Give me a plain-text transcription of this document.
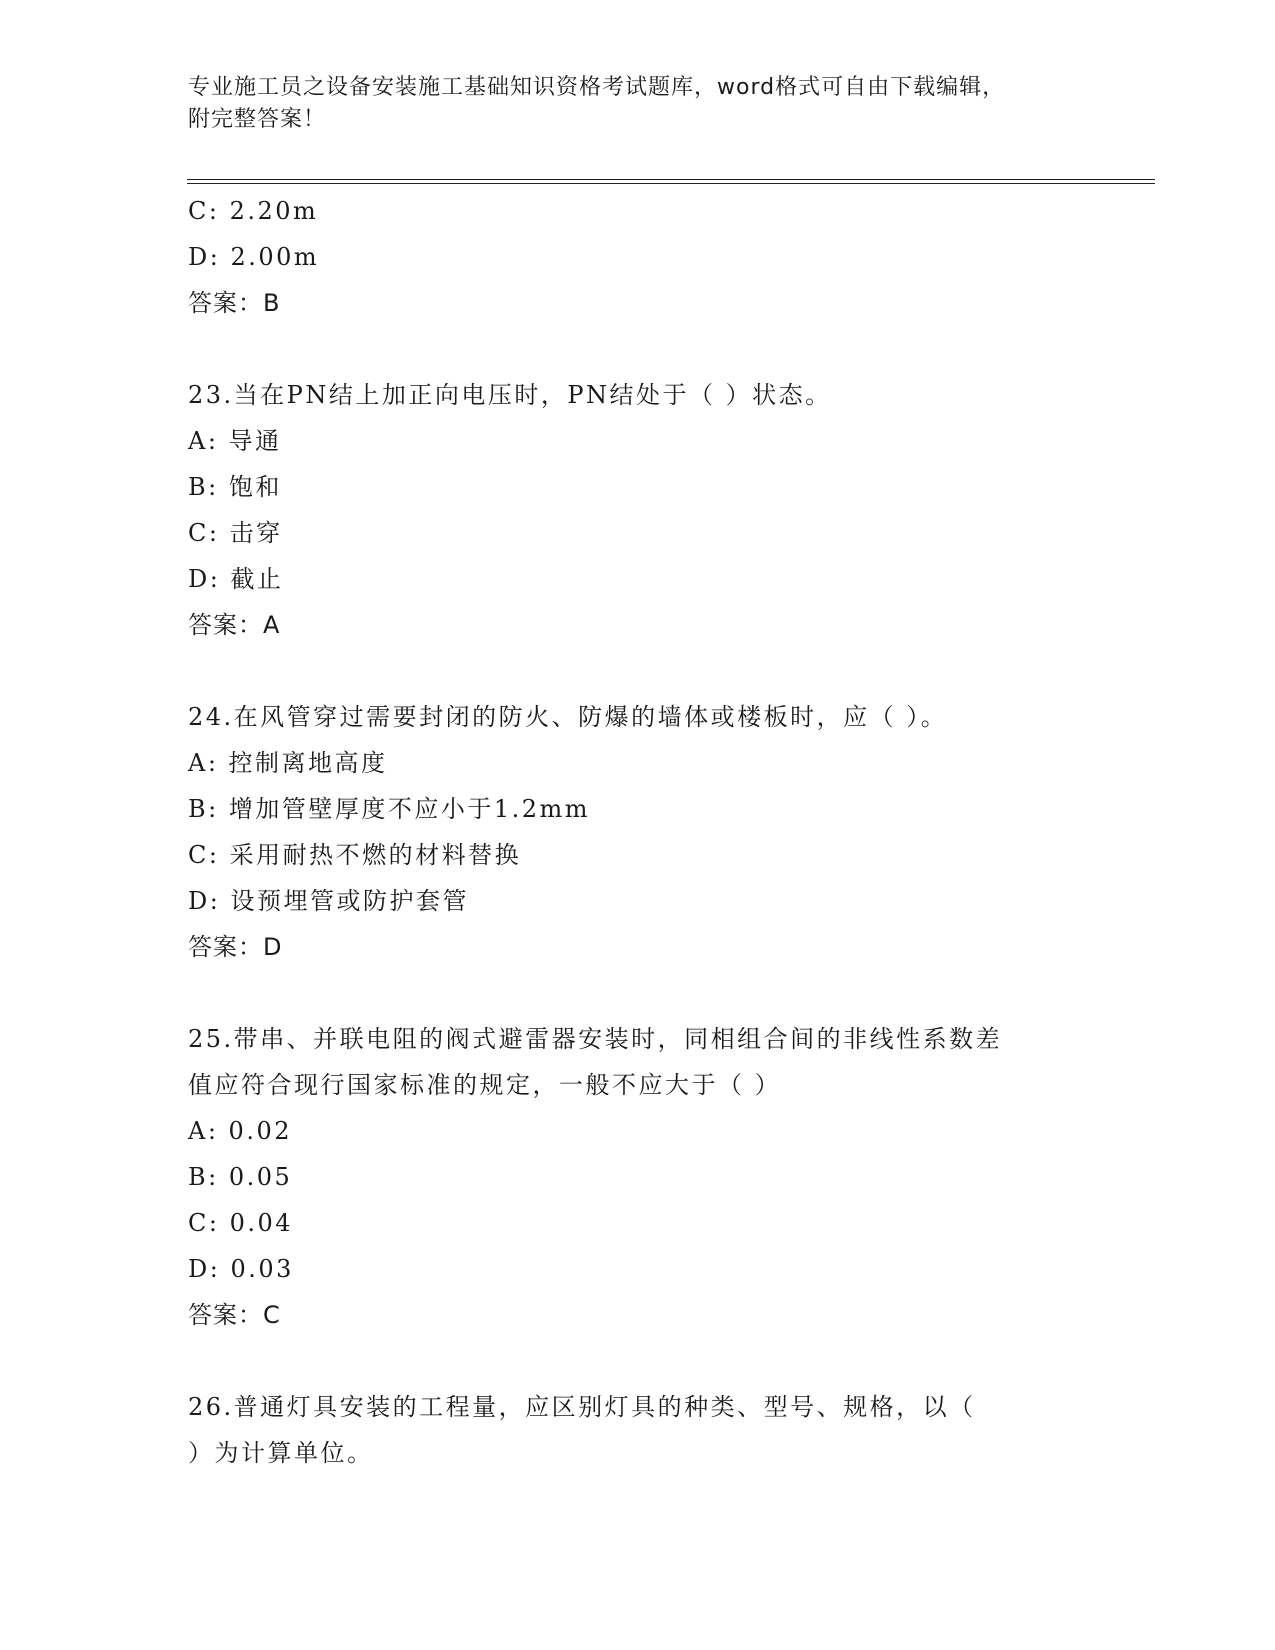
专业施工员之设备安装施工基础知识资格考试题库，word格式可自由下载编辑，
附完整答案！
C: 2.20m
D: 2.00m
答案：B
23.当在PN结上加正向电压时，PN结处于（ ）状态。
A: 导通
B: 饱和
C: 击穿
D: 截止
答案：A
24.在风管穿过需要封闭的防火、防爆的墙体或楼板时，应（ ）。
A: 控制离地高度
B: 增加管壁厚度不应小于1.2mm
C: 采用耐热不燃的材料替换
D: 设预埋管或防护套管
答案：D
25.带串、并联电阻的阀式避雷器安装时，同相组合间的非线性系数差
值应符合现行国家标准的规定，一般不应大于（ ）
A: 0.02
B: 0.05
C: 0.04
D: 0.03
答案：C
26.普通灯具安装的工程量，应区别灯具的种类、型号、规格，以（
）为计算单位。
